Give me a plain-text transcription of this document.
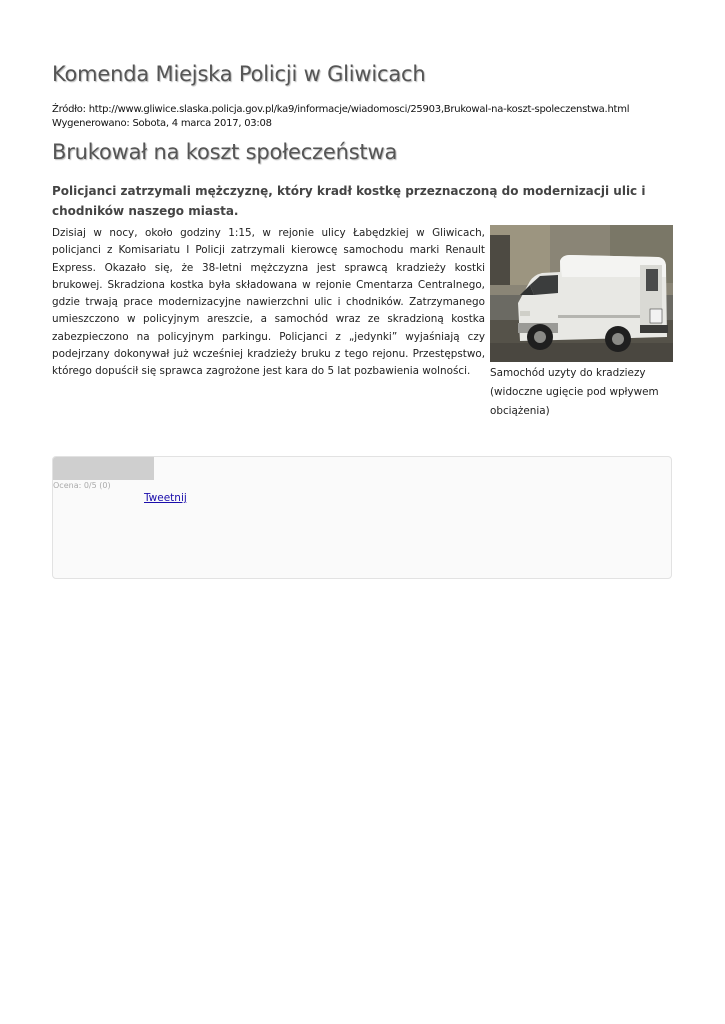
Komenda Miejska Policji w Gliwicach
Źródło: http://www.gliwice.slaska.policja.gov.pl/ka9/informacje/wiadomosci/25903,Brukowal-na-koszt-spoleczenstwa.html
Wygenerowano: Sobota, 4 marca 2017, 03:08
Brukował na koszt społeczeństwa

Policjanci zatrzymali mężczyznę, który kradł kostkę przeznaczoną do modernizacji ulic i chodników naszego miasta.

Dzisiaj w nocy, około godziny 1:15, w rejonie ulicy Łabędzkiej w Gliwicach, policjanci z Komisariatu I Policji zatrzymali kierowcę samochodu marki Renault Express. Okazało się, że 38-letni mężczyzna jest sprawcą kradzieży kostki brukowej. Skradziona kostka była składowana w rejonie Cmentarza Centralnego, gdzie trwają prace modernizacyjne nawierzchni ulic i chodników. Zatrzymanego umieszczono w policyjnym areszcie, a samochód wraz ze skradzioną kostka zabezpieczono na policyjnym parkingu. Policjanci z „jedynki” wyjaśniają czy podejrzany dokonywał już wcześniej kradzieży bruku z tego rejonu. Przestępstwo, którego dopuścił się sprawca zagrożone jest kara do 5 lat pozbawienia wolności.	Samochód uzyty do kradziezy (widoczne ugięcie pod wpływem obciążenia)
Ocena: 0/5 (0)
Tweetnij
